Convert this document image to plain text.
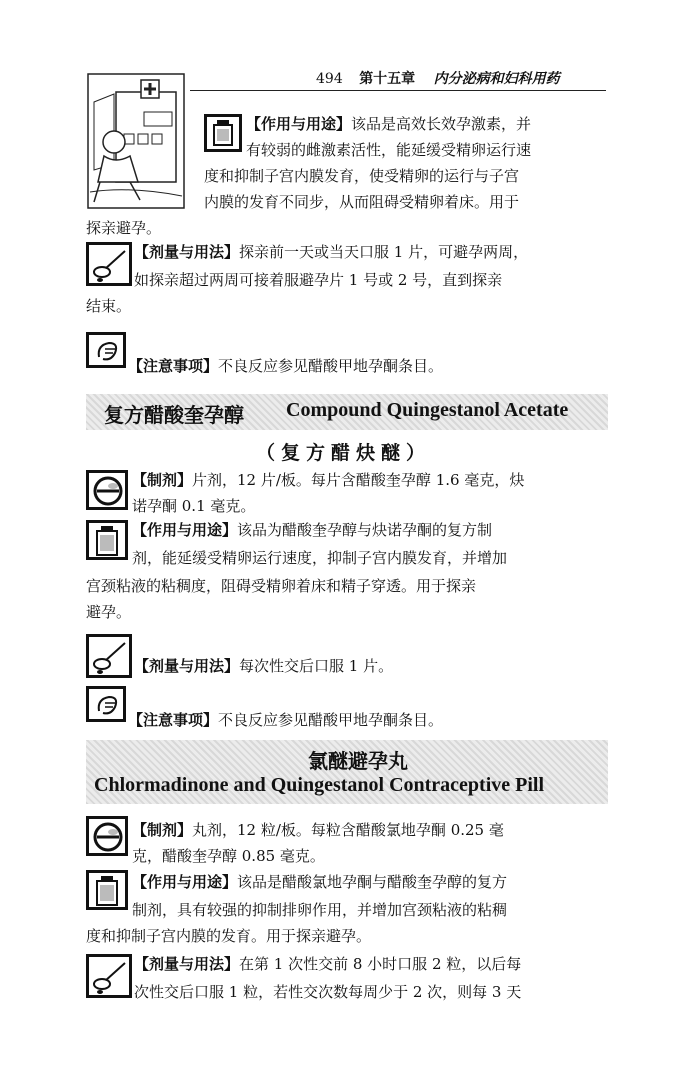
494 第十五章 内分泌病和妇科用药
【作用与用途】该品是高效长效孕激素，并
有较弱的雌激素活性，能延缓受精卵运行速
度和抑制子宫内膜发育，使受精卵的运行与子宫
内膜的发育不同步，从而阻碍受精卵着床。用于
探亲避孕。
【剂量与用法】探亲前一天或当天口服 1 片，可避孕两周，
如探亲超过两周可接着服避孕片 1 号或 2 号，直到探亲
结束。
【注意事项】不良反应参见醋酸甲地孕酮条目。
复方醋酸奎孕醇 Compound Quingestanol Acetate
（复方醋炔醚）
【制剂】片剂，12 片/板。每片含醋酸奎孕醇 1.6 毫克，炔
诺孕酮 0.1 毫克。
【作用与用途】该品为醋酸奎孕醇与炔诺孕酮的复方制
剂，能延缓受精卵运行速度，抑制子宫内膜发育，并增加
宫颈粘液的粘稠度，阻碍受精卵着床和精子穿透。用于探亲
避孕。
【剂量与用法】每次性交后口服 1 片。
【注意事项】不良反应参见醋酸甲地孕酮条目。
氯醚避孕丸
Chlormadinone and Quingestanol Contraceptive Pill
【制剂】丸剂，12 粒/板。每粒含醋酸氯地孕酮 0.25 毫
克，醋酸奎孕醇 0.85 毫克。
【作用与用途】该品是醋酸氯地孕酮与醋酸奎孕醇的复方
制剂，具有较强的抑制排卵作用，并增加宫颈粘液的粘稠
度和抑制子宫内膜的发育。用于探亲避孕。
【剂量与用法】在第 1 次性交前 8 小时口服 2 粒，以后每
次性交后口服 1 粒，若性交次数每周少于 2 次，则每 3 天
